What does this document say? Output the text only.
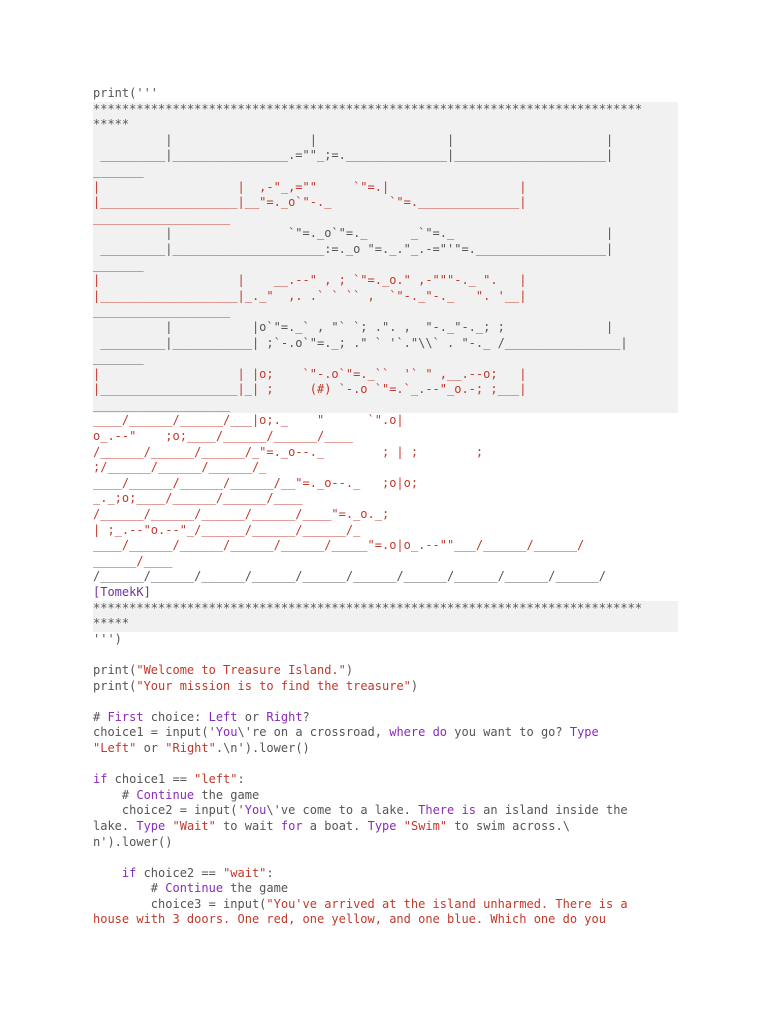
print('''
****************************************************************************
*****
|                   |                  |                     |
_________|________________.=""_;=.______________|_____________________|
_______
|                   |  ,-"_,=""     `"=.|                  |
|___________________|__"=._o`"-._        `"=.______________|
___________________
|                `"=._o`"=._      _`"=._                     |
_________|_____________________:=._o "=._."_.-="'"=.__________________|
_______
|                   |    __.--" , ; `"=._o." ,-"""-._ ".   |
|___________________|_._"  ,. .` ` `` ,  `"-._"-._   ". '__|
___________________
|           |o`"=._` , "` `; .". ,  "-._"-._; ;              |
_________|___________| ;`-.o`"=._; ." ` '`."\\` . "-._ /________________|
_______
|                   | |o;    `"-.o`"=._``  '` " ,__.--o;   |
|___________________|_| ;     (#) `-.o `"=.`_.--"_o.-; ;___|
___________________
____/______/______/___|o;._    "      `".o|
o_.--"    ;o;____/______/______/____
/______/______/______/_"=._o--._        ; | ;        ;
;/______/______/______/_
____/______/______/______/__"=._o--._   ;o|o;
_._;o;____/______/______/____
/______/______/______/______/____"=._o._;
| ;_.--"o.--"_/______/______/______/_
____/______/______/______/______/_____"=.o|o_.--""___/______/______/
______/____
/______/______/______/______/______/______/______/______/______/______/
[TomekK]
****************************************************************************
*****
''')
print("Welcome to Treasure Island.")
print("Your mission is to find the treasure")
# First choice: Left or Right?
choice1 = input('You\'re on a crossroad, where do you want to go? Type
"Left" or "Right".\n').lower()
if choice1 == "left":
# Continue the game
choice2 = input('You\'ve come to a lake. There is an island inside the
lake. Type "Wait" to wait for a boat. Type "Swim" to swim across.\
n').lower()
if choice2 == "wait":
# Continue the game
choice3 = input("You've arrived at the island unharmed. There is a
house with 3 doors. One red, one yellow, and one blue. Which one do you
